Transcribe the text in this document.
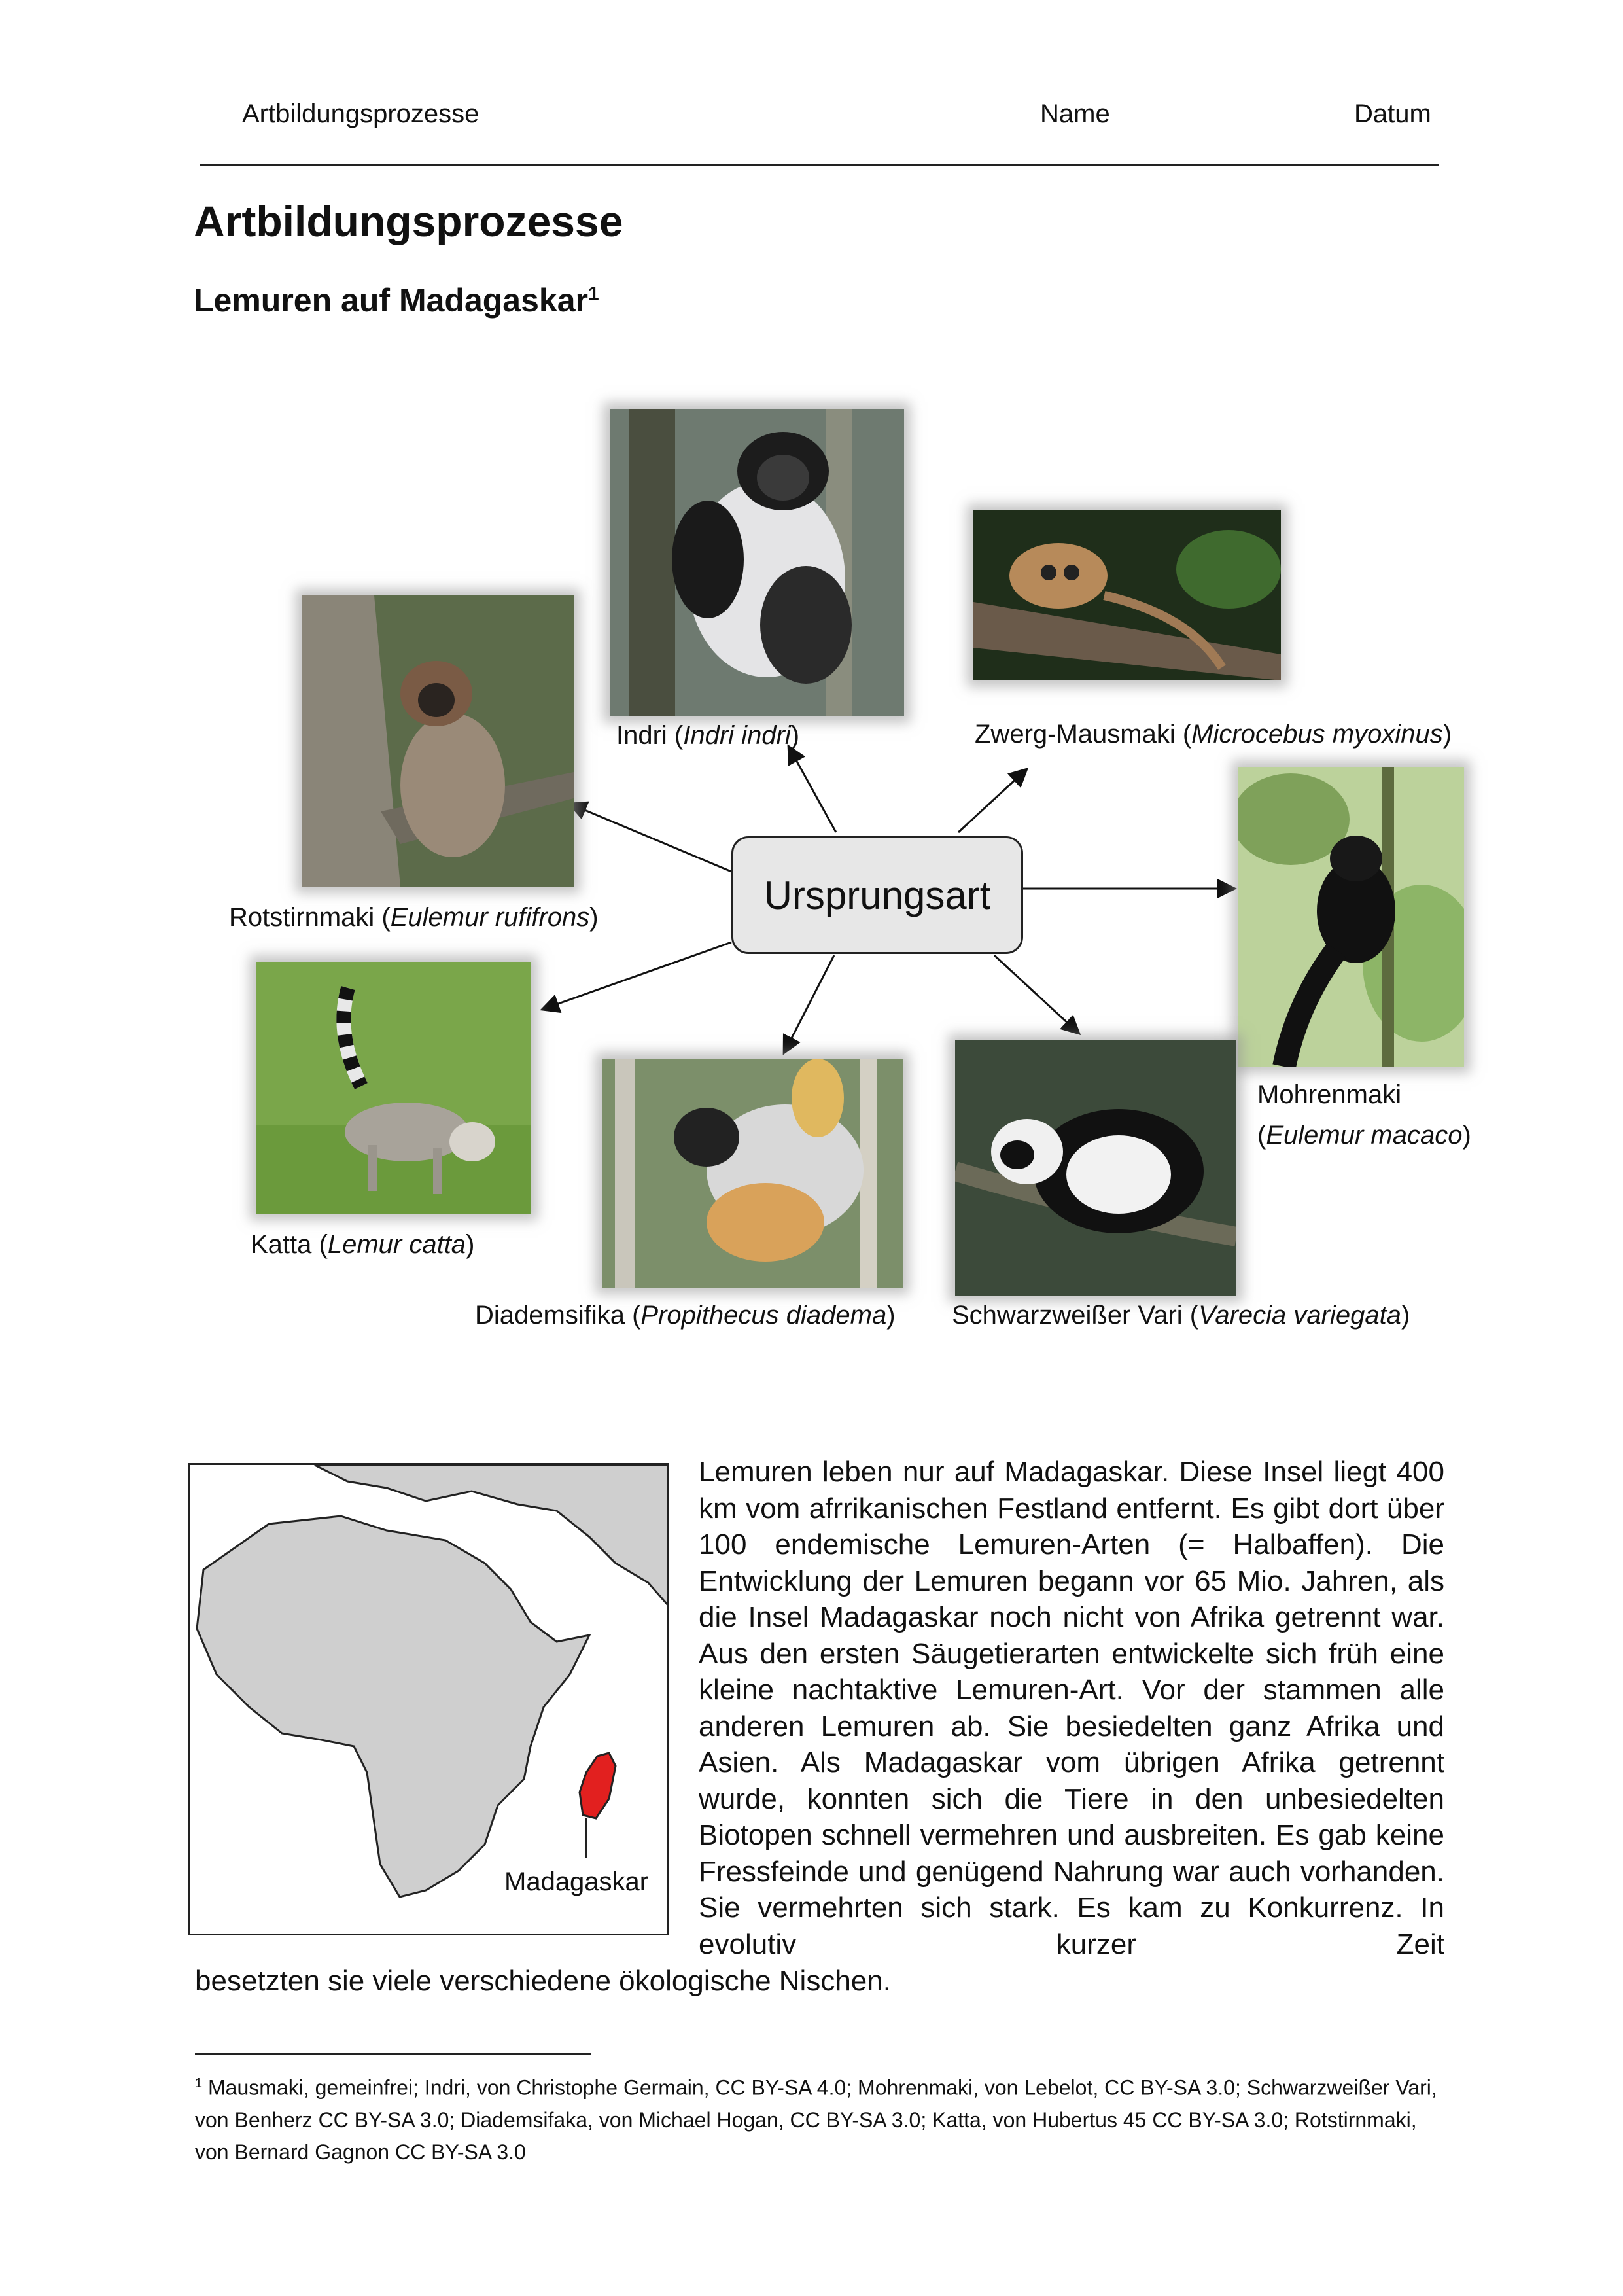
Artbildungsprozesse	Name	Datum
Artbildungsprozesse
Lemuren auf Madagaskar$^1$
Indri (Indri indri)	Zwerg-Mausmaki (Microcebus myoxinus)
Rotstirnmaki (Eulemur rufifrons)
Mohrenmaki
(Eulemur macaco)
Katta (Lemur catta)
Diademsifika (Propithecus diadema) Schwarzweißer Vari (Varecia variegata)
Ursprungsart
Madagaskar
Lemuren leben nur auf Madagaskar. Diese Insel liegt 400 km vom afrrikanischen Festland entfernt. Es gibt dort über 100 endemische Lemuren-Arten (= Halbaffen). Die Entwicklung der Lemuren begann vor 65 Mio. Jahren, als die Insel Madagaskar noch nicht von Afrika getrennt war. Aus den ersten Säugetierarten entwickelte sich früh eine kleine nachtaktive Lemuren-Art. Vor der stammen alle anderen Lemuren ab. Sie besiedelten ganz Afrika und Asien. Als Madagaskar vom übrigen Afrika getrennt wurde, konnten sich die Tiere in den unbesiedelten Biotopen schnell vermehren und ausbreiten. Es gab keine Fressfeinde und genügend Nahrung war auch vorhanden. Sie vermehrten sich stark. Es kam zu Konkurrenz. In evolutiv kurzer Zeit
besetzten sie viele verschiedene ökologische Nischen.
$^1$ Mausmaki, gemeinfrei; Indri, von Christophe Germain, CC BY-SA 4.0; Mohrenmaki, von Lebelot, CC BY-SA 3.0; Schwarzweißer Vari, von Benherz CC BY-SA 3.0; Diademsifaka, von Michael Hogan, CC BY-SA 3.0; Katta, von Hubertus 45 CC BY-SA 3.0; Rotstirnmaki, von Bernard Gagnon CC BY-SA 3.0
